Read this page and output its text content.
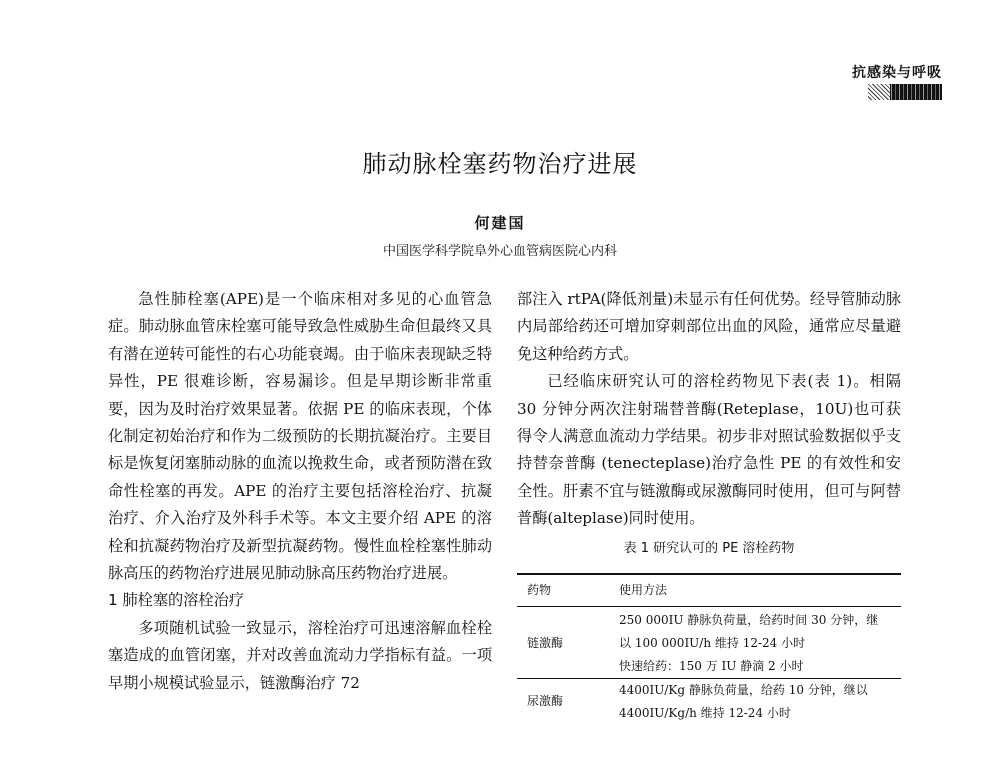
抗感染与呼吸
肺动脉栓塞药物治疗进展
何建国
中国医学科学院阜外心血管病医院心内科

急性肺栓塞(APE)是一个临床相对多见的心血管急症。肺动脉血管床栓塞可能导致急性威胁生命但最终又具有潜在逆转可能性的右心功能衰竭。由于临床表现缺乏特异性，PE 很难诊断，容易漏诊。但是早期诊断非常重要，因为及时治疗效果显著。依据 PE 的临床表现，个体化制定初始治疗和作为二级预防的长期抗凝治疗。主要目标是恢复闭塞肺动脉的血流以挽救生命，或者预防潜在致命性栓塞的再发。APE 的治疗主要包括溶栓治疗、抗凝治疗、介入治疗及外科手术等。本文主要介绍 APE 的溶栓和抗凝药物治疗及新型抗凝药物。慢性血栓栓塞性肺动脉高压的药物治疗进展见肺动脉高压药物治疗进展。

1 肺栓塞的溶栓治疗

多项随机试验一致显示，溶栓治疗可迅速溶解血栓栓塞造成的血管闭塞，并对改善血流动力学指标有益。一项早期小规模试验显示，链激酶治疗 72

部注入 rtPA(降低剂量)未显示有任何优势。经导管肺动脉内局部给药还可增加穿刺部位出血的风险，通常应尽量避免这种给药方式。

已经临床研究认可的溶栓药物见下表(表 1)。相隔 30 分钟分两次注射瑞替普酶(Reteplase，10U)也可获得令人满意血流动力学结果。初步非对照试验数据似乎支持替奈普酶 (tenecteplase)治疗急性 PE 的有效性和安全性。肝素不宜与链激酶或尿激酶同时使用，但可与阿替普酶(alteplase)同时使用。

表 1 研究认可的 PE 溶栓药物
药物	使用方法
链激酶	250 000IU 静脉负荷量，给药时间 30 分钟，继
以 100 000IU/h 维持 12-24 小时
快速给药：150 万 IU 静滴 2 小时

尿激酶	4400IU/Kg 静脉负荷量，给药 10 分钟，继以
4400IU/Kg/h 维持 12-24 小时
